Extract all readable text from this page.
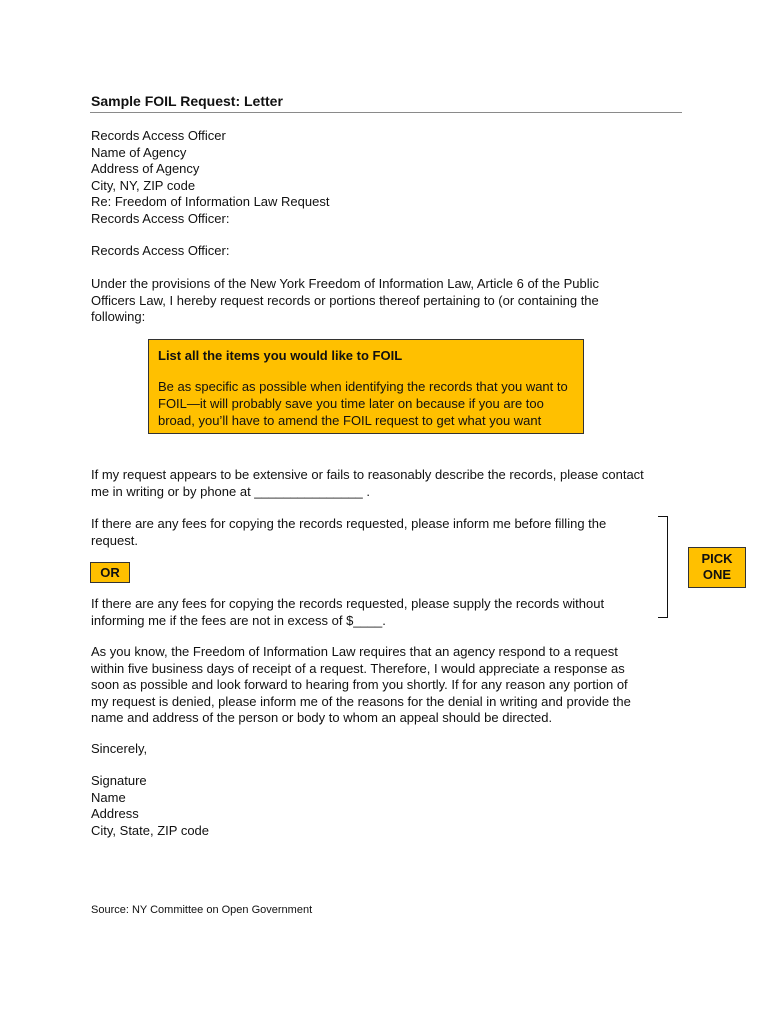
Sample FOIL Request: Letter
Records Access Officer
Name of Agency
Address of Agency
City, NY, ZIP code
Re: Freedom of Information Law Request
Records Access Officer:
Records Access Officer:
Under the provisions of the New York Freedom of Information Law, Article 6 of the Public
Officers Law, I hereby request records or portions thereof pertaining to (or containing the
following:
List all the items you would like to FOIL
Be as specific as possible when identifying the records that you want to
FOIL—it will probably save you time later on because if you are too
broad, you’ll have to amend the FOIL request to get what you want
If my request appears to be extensive or fails to reasonably describe the records, please contact
me in writing or by phone at _______________ .
If there are any fees for copying the records requested, please inform me before filling the
request.
OR
If there are any fees for copying the records requested, please supply the records without
informing me if the fees are not in excess of $____.
PICK
ONE
As you know, the Freedom of Information Law requires that an agency respond to a request
within five business days of receipt of a request. Therefore, I would appreciate a response as
soon as possible and look forward to hearing from you shortly. If for any reason any portion of
my request is denied, please inform me of the reasons for the denial in writing and provide the
name and address of the person or body to whom an appeal should be directed.
Sincerely,
Signature
Name
Address
City, State, ZIP code
Source: NY Committee on Open Government
